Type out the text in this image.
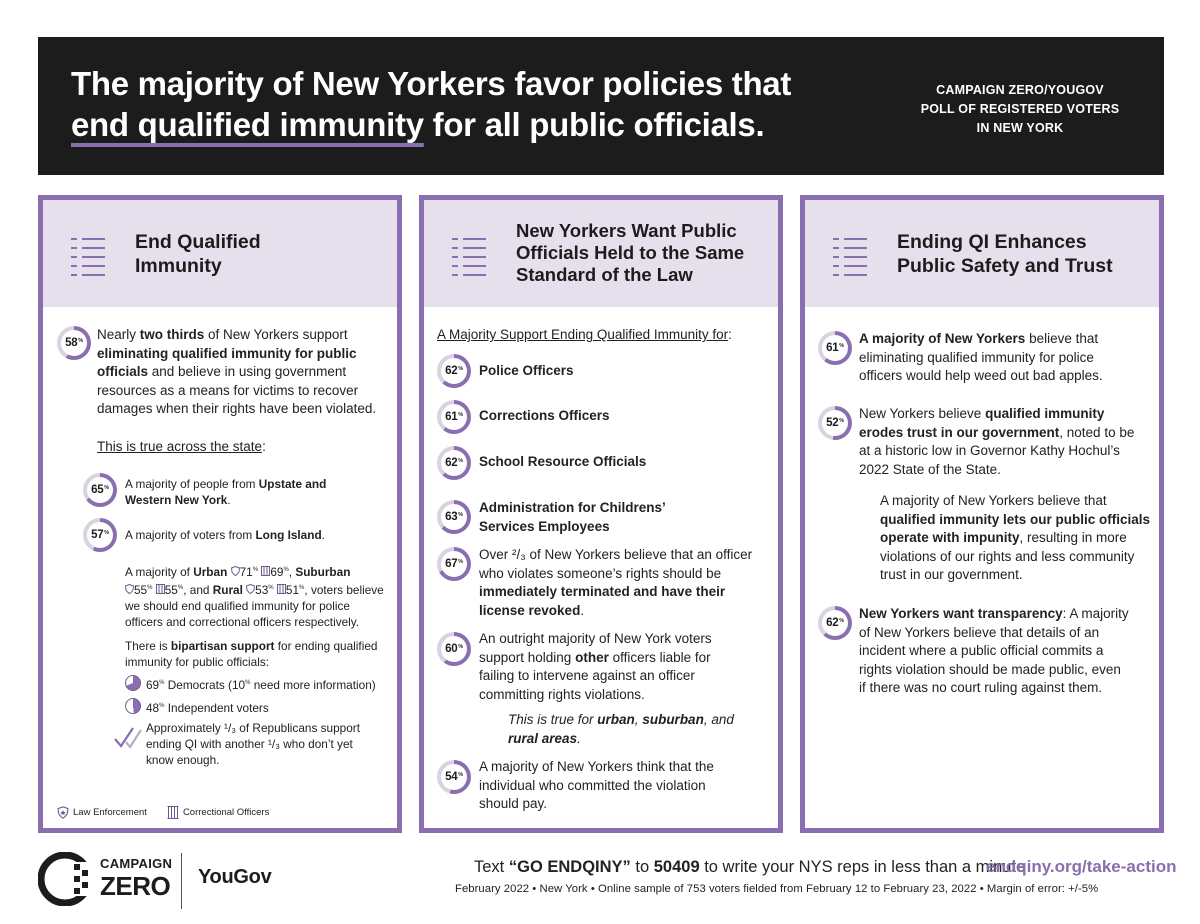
The majority of New Yorkers favor policies that
end qualified immunity for all public officials.
CAMPAIGN ZERO/YOUGOV
POLL OF REGISTERED VOTERS
IN NEW YORK
End Qualified
Immunity
58% Nearly two thirds of New Yorkers support
eliminating qualified immunity for public
officials and believe in using government
resources as a means for victims to recover
damages when their rights have been violated.
This is true across the state:
65% A majority of people from Upstate and
Western New York.
57% A majority of voters from Long Island.
A majority of Urban 71% 69%, Suburban
55% 55%, and Rural 53% 51%, voters believe
we should end qualified immunity for police
officers and correctional officers respectively.
There is bipartisan support for ending qualified
immunity for public officials:
69% Democrats (10% need more information)
48% Independent voters
Approximately ¹/₃ of Republicans support
ending QI with another ¹/₃ who don’t yet
know enough.
Law Enforcement	Correctional Officers
New Yorkers Want Public
Officials Held to the Same
Standard of the Law
A Majority Support Ending Qualified Immunity for:
62% Police Officers
61% Corrections Officers
62% School Resource Officials
63% Administration for Childrens’
Services Employees
67% Over ²/₃ of New Yorkers believe that an officer
who violates someone’s rights should be
immediately terminated and have their
license revoked.
60%
An outright majority of New York voters
support holding other officers liable for
failing to intervene against an officer
committing rights violations.
This is true for urban, suburban, and
rural areas.
54%
A majority of New Yorkers think that the
individual who committed the violation
should pay.
Ending QI Enhances
Public Safety and Trust
61% A majority of New Yorkers believe that
eliminating qualified immunity for police
officers would help weed out bad apples.
52% New Yorkers believe qualified immunity
erodes trust in our government, noted to be
at a historic low in Governor Kathy Hochul’s
2022 State of the State.
A majority of New Yorkers believe that
qualified immunity lets our public officials
operate with impunity, resulting in more
violations of our rights and less community
trust in our government.
62% New Yorkers want transparency: A majority
of New Yorkers believe that details of an
incident where a public official commits a
rights violation should be made public, even
if there was no court ruling against them.
CAMPAIGN
ZERO YouGov	Text “GO ENDQINY” to 50409 to write your NYS reps in less than a minute
endqiny.org/take-action
February 2022 • New York • Online sample of 753 voters fielded from February 12 to February 23, 2022 • Margin of error: +/-5%
